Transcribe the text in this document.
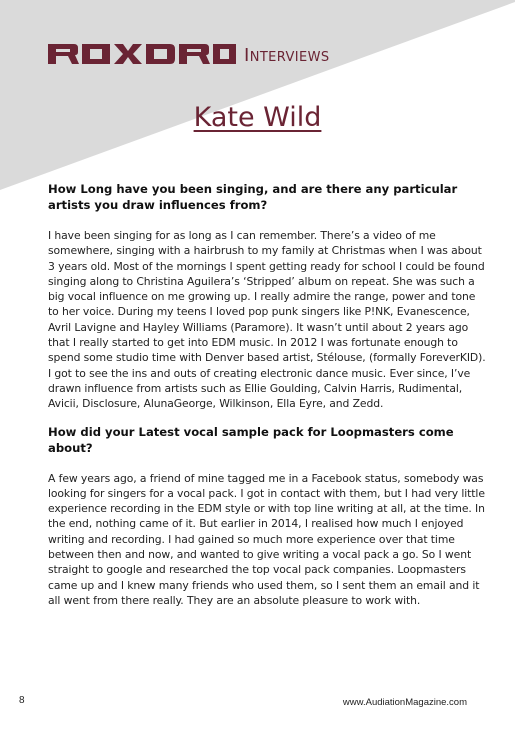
Interviews
Kate Wild

How Long have you been singing, and are there any particular artists you draw influences from?

I have been singing for as long as I can remember. There’s a video of me somewhere, singing with a hairbrush to my family at Christmas when I was about 3 years old. Most of the mornings I spent getting ready for school I could be found singing along to Christina Aguilera’s ‘Stripped’ album on repeat. She was such a big vocal influence on me growing up. I really admire the range, power and tone to her voice. During my teens I loved pop punk singers like P!NK, Evanescence, Avril Lavigne and Hayley Williams (Paramore). It wasn’t until about 2 years ago that I really started to get into EDM music. In 2012 I was fortunate enough to spend some studio time with Denver based artist, Stélouse, (formally ForeverKID). I got to see the ins and outs of creating electronic dance music. Ever since, I’ve drawn influence from artists such as Ellie Goulding, Calvin Harris, Rudimental, Avicii, Disclosure, AlunaGeorge, Wilkinson, Ella Eyre, and Zedd.

How did your Latest vocal sample pack for Loopmasters come about?

A few years ago, a friend of mine tagged me in a Facebook status, somebody was looking for singers for a vocal pack. I got in contact with them, but I had very little experience recording in the EDM style or with top line writing at all, at the time. In the end, nothing came of it. But earlier in 2014, I realised how much I enjoyed writing and recording. I had gained so much more experience over that time between then and now, and wanted to give writing a vocal pack a go. So I went straight to google and researched the top vocal pack companies. Loopmasters came up and I knew many friends who used them, so I sent them an email and it all went from there really. They are an absolute pleasure to work with.

8	www.AudiationMagazine.com
